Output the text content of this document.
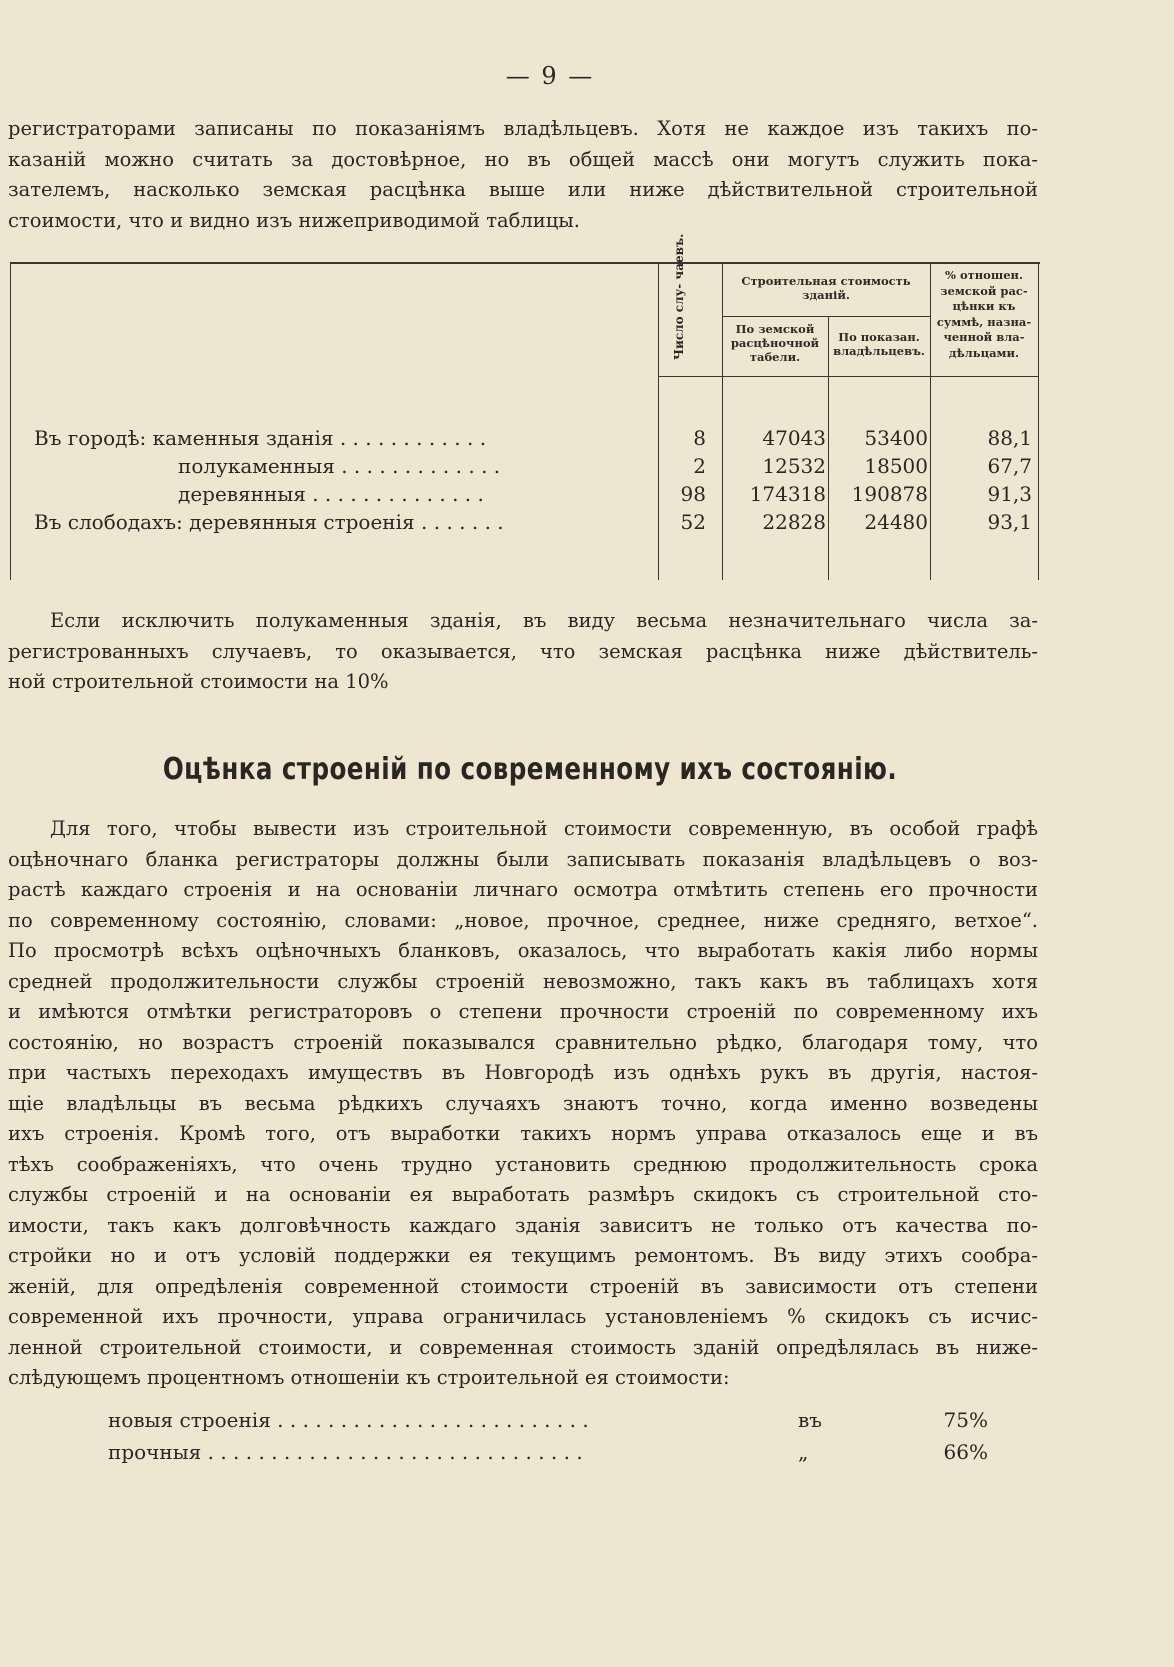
— 9 —
регистраторами записаны по показаніямъ владѣльцевъ. Хотя не каждое изъ такихъ по-
казаній можно считать за достовѣрное, но въ общей массѣ они могутъ служить пока-
зателемъ, насколько земская расцѣнка выше или ниже дѣйствительной строительной
стоимости, что и видно изъ нижеприводимой таблицы.
Число слу- чаевъ.	Строительная стоимость
зданій.
По земской
расцѣночной
табели.
По показан.
владѣльцевъ.
% отношен.
земской рас-
цѣнки къ
суммѣ, назна-
ченной вла-
дѣльцами.
Въ городѣ: каменныя зданія . . . . . . . . . . . .	8	47043	53400	88,1
полукаменныя . . . . . . . . . . . . .	2	12532	18500	67,7
деревянныя . . . . . . . . . . . . . .	98	174318	190878	91,3
Въ слободахъ: деревянныя строенія . . . . . . .	52	22828	24480	93,1
Если исключить полукаменныя зданія, въ виду весьма незначительнаго числа за-
регистрованныхъ случаевъ, то оказывается, что земская расцѣнка ниже дѣйствитель-
ной строительной стоимости на 10%
Оцѣнка строеній по современному ихъ состоянію.
Для того, чтобы вывести изъ строительной стоимости современную, въ особой графѣ
оцѣночнаго бланка регистраторы должны были записывать показанія владѣльцевъ о воз-
растѣ каждаго строенія и на основаніи личнаго осмотра отмѣтить степень его прочности
по современному состоянію, словами: „новое, прочное, среднее, ниже средняго, ветхое“.
По просмотрѣ всѣхъ оцѣночныхъ бланковъ, оказалось, что выработать какія либо нормы
средней продолжительности службы строеній невозможно, такъ какъ въ таблицахъ хотя
и имѣются отмѣтки регистраторовъ о степени прочности строеній по современному ихъ
состоянію, но возрастъ строеній показывался сравнительно рѣдко, благодаря тому, что
при частыхъ переходахъ имуществъ въ Новгородѣ изъ однѣхъ рукъ въ другія, настоя-
щіе владѣльцы въ весьма рѣдкихъ случаяхъ знаютъ точно, когда именно возведены
ихъ строенія. Кромѣ того, отъ выработки такихъ нормъ управа отказалось еще и въ
тѣхъ соображеніяхъ, что очень трудно установить среднюю продолжительность срока
службы строеній и на основаніи ея выработать размѣръ скидокъ съ строительной сто-
имости, такъ какъ долговѣчность каждаго зданія зависитъ не только отъ качества по-
стройки но и отъ условій поддержки ея текущимъ ремонтомъ. Въ виду этихъ сообра-
женій, для опредѣленія современной стоимости строеній въ зависимости отъ степени
современной ихъ прочности, управа ограничилась установленіемъ % скидокъ съ исчис-
ленной строительной стоимости, и современная стоимость зданій опредѣлялась въ ниже-
слѣдующемъ процентномъ отношеніи къ строительной ея стоимости:
новыя строенія . . . . . . . . . . . . . . . . . . . . . . . . .	въ	75%
прочныя . . . . . . . . . . . . . . . . . . . . . . . . . . . . . .	„	66%
